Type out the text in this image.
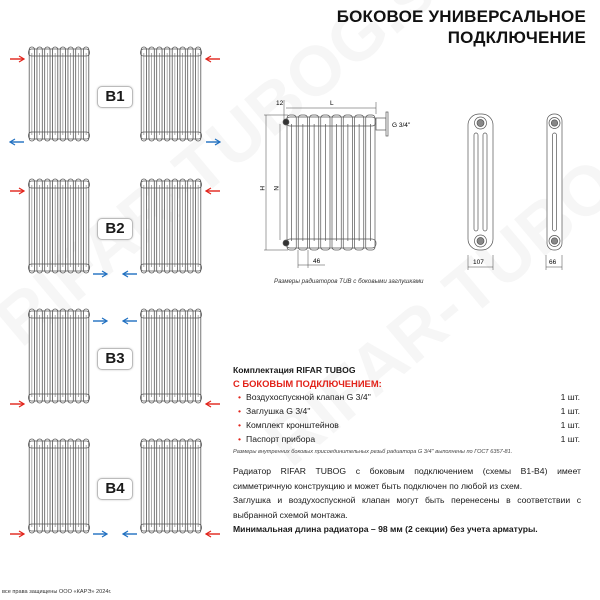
БОКОВОЕ УНИВЕРСАЛЬНОЕ
ПОДКЛЮЧЕНИЕ
B1
B2
B3
B4
12	L
G 3/4''
H N
46	107	66
Размеры радиаторов TUB с боковыми заглушками
Комплектация RIFAR TUBOG
С БОКОВЫМ ПОДКЛЮЧЕНИЕМ:
• Воздухоспускной клапан G 3/4''	1 шт.
• Заглушка G 3/4''	1 шт.
• Комплект кронштейнов	1 шт.
• Паспорт прибора	1 шт.
Размеры внутренних боковых присоединительных резьб радиатора G 3/4'' выполнены по ГОСТ 6357-81.
Радиатор RIFAR TUBOG с боковым подключением (схемы B1-B4) имеет симметричную конструкцию и может быть подключен по любой из схем.
Заглушка и воздухоспускной клапан могут быть перенесены в соответствии с выбранной схемой монтажа.
Минимальная длина радиатора – 98 мм (2 секции) без учета арматуры.
все права защищены ООО «КАРЭ» 2024г.
